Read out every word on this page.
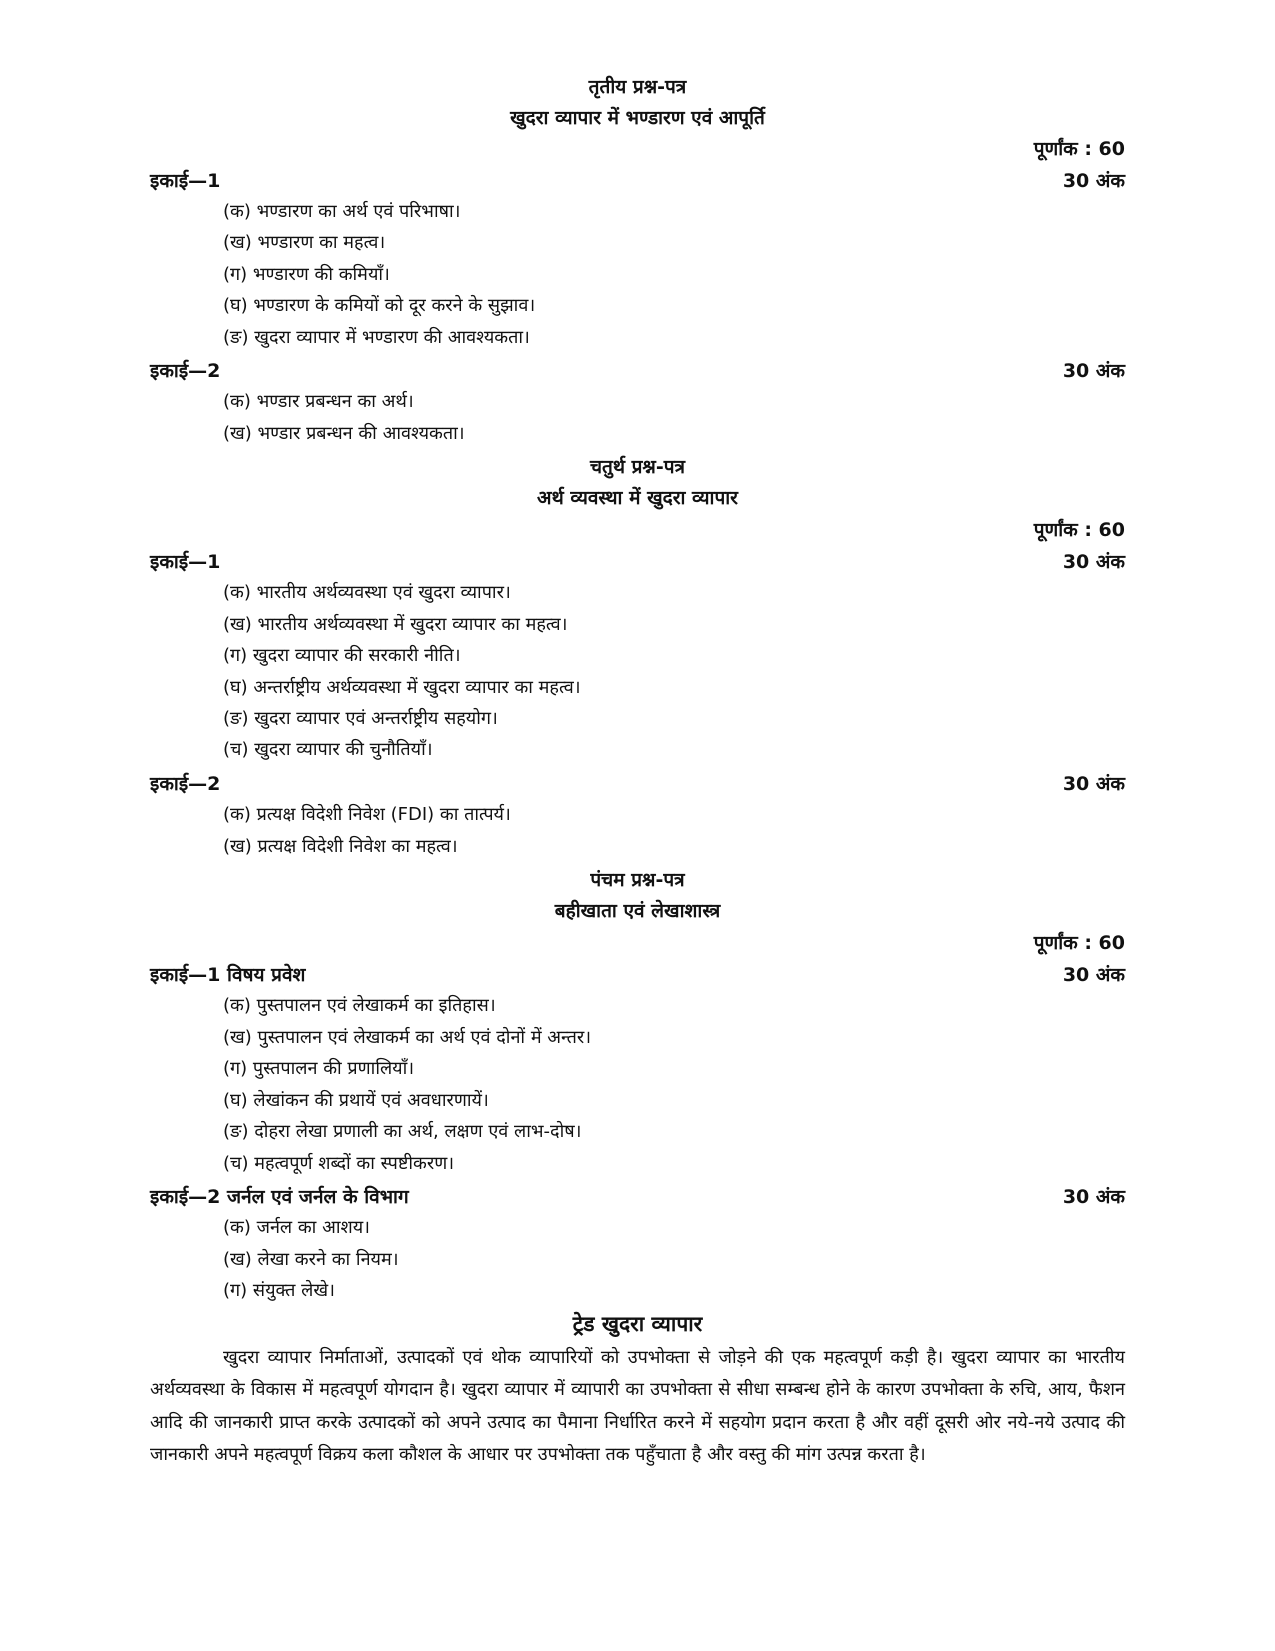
तृतीय प्रश्न-पत्र
खुदरा व्यापार में भण्डारण एवं आपूर्ति
पूर्णांक : 60
इकाई—1	30 अंक
(क) भण्डारण का अर्थ एवं परिभाषा।
(ख) भण्डारण का महत्व।
(ग) भण्डारण की कमियाँ।
(घ) भण्डारण के कमियों को दूर करने के सुझाव।
(ङ) खुदरा व्यापार में भण्डारण की आवश्यकता।
इकाई—2	30 अंक
(क) भण्डार प्रबन्धन का अर्थ।
(ख) भण्डार प्रबन्धन की आवश्यकता।
चतुर्थ प्रश्न-पत्र
अर्थ व्यवस्था में खुदरा व्यापार
पूर्णांक : 60
इकाई—1	30 अंक
(क) भारतीय अर्थव्यवस्था एवं खुदरा व्यापार।
(ख) भारतीय अर्थव्यवस्था में खुदरा व्यापार का महत्व।
(ग) खुदरा व्यापार की सरकारी नीति।
(घ) अन्तर्राष्ट्रीय अर्थव्यवस्था में खुदरा व्यापार का महत्व।
(ङ) खुदरा व्यापार एवं अन्तर्राष्ट्रीय सहयोग।
(च) खुदरा व्यापार की चुनौतियाँ।
इकाई—2	30 अंक
(क) प्रत्यक्ष विदेशी निवेश (FDI) का तात्पर्य।
(ख) प्रत्यक्ष विदेशी निवेश का महत्व।
पंचम प्रश्न-पत्र
बहीखाता एवं लेखाशास्त्र
पूर्णांक : 60
इकाई—1 विषय प्रवेश	30 अंक
(क) पुस्तपालन एवं लेखाकर्म का इतिहास।
(ख) पुस्तपालन एवं लेखाकर्म का अर्थ एवं दोनों में अन्तर।
(ग) पुस्तपालन की प्रणालियाँ।
(घ) लेखांकन की प्रथायें एवं अवधारणायें।
(ङ) दोहरा लेखा प्रणाली का अर्थ, लक्षण एवं लाभ-दोष।
(च) महत्वपूर्ण शब्दों का स्पष्टीकरण।
इकाई—2 जर्नल एवं जर्नल के विभाग	30 अंक
(क) जर्नल का आशय।
(ख) लेखा करने का नियम।
(ग) संयुक्त लेखे।
ट्रेड खुदरा व्यापार
खुदरा व्यापार निर्माताओं, उत्पादकों एवं थोक व्यापारियों को उपभोक्ता से जोड़ने की एक महत्वपूर्ण कड़ी है। खुदरा व्यापार का भारतीय अर्थव्यवस्था के विकास में महत्वपूर्ण योगदान है। खुदरा व्यापार में व्यापारी का उपभोक्ता से सीधा सम्बन्ध होने के कारण उपभोक्ता के रुचि, आय, फैशन आदि की जानकारी प्राप्त करके उत्पादकों को अपने उत्पाद का पैमाना निर्धारित करने में सहयोग प्रदान करता है और वहीं दूसरी ओर नये-नये उत्पाद की जानकारी अपने महत्वपूर्ण विक्रय कला कौशल के आधार पर उपभोक्ता तक पहुँचाता है और वस्तु की मांग उत्पन्न करता है।
